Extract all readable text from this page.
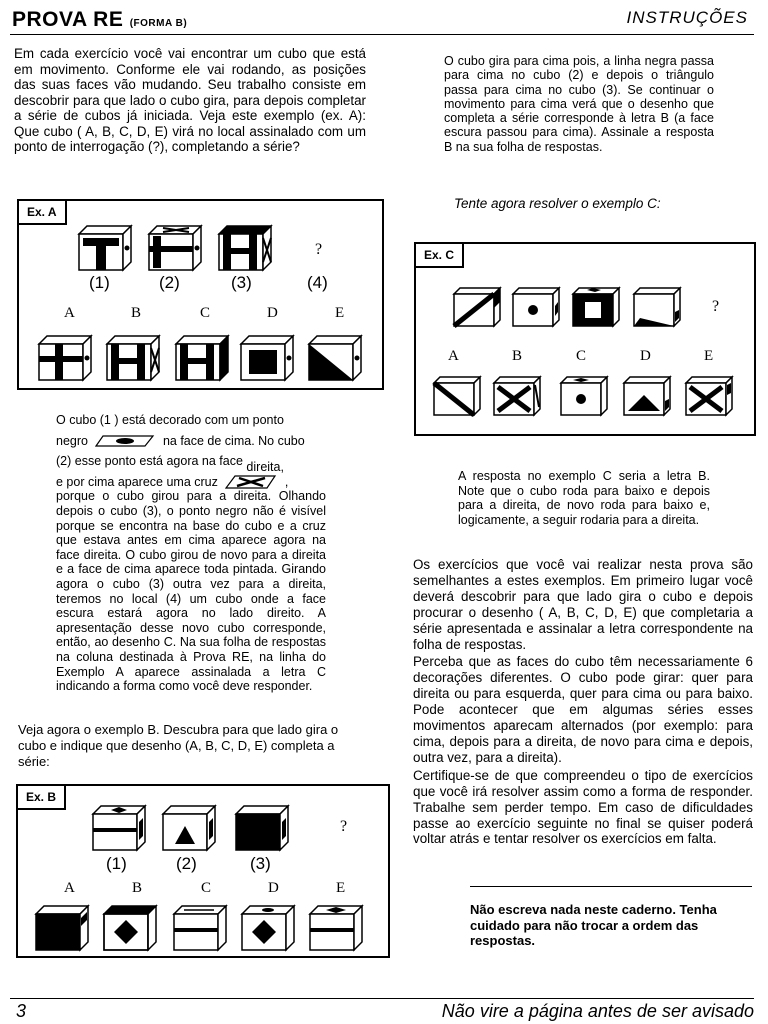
PROVA RE (FORMA B)	INSTRUÇÕES
Em cada exercício você vai encontrar um cubo que está em movimento. Conforme ele vai rodando, as posições das suas faces vão mudando. Seu trabalho consiste em descobrir para que lado o cubo gira, para depois completar a série de cubos já iniciada. Veja este exemplo (ex. A): Que cubo ( A, B, C, D, E) virá no local assinalado com um ponto de interrogação (?), completando a série?
O cubo gira para cima pois, a linha negra passa para cima no cubo (2) e depois o triângulo passa para cima no cubo (3). Se continuar o movimento para cima verá que o desenho que completa a série corresponde à letra B (a face escura passou para cima). Assinale a resposta B na sua folha de respostas.
Ex. A
(1)	(2)	(3)	(4)
?
A	B	C	D	E
O cubo (1 ) está decorado com um ponto
negro	na face de cima. No cubo
(2) esse ponto está agora na face direita,
e por cima aparece uma cruz	,
porque o cubo girou para a direita. Olhando depois o cubo (3), o ponto negro não é visível porque se encontra na base do cubo e a cruz que estava antes em cima aparece agora na face direita. O cubo girou de novo para a direita e a face de cima aparece toda pintada. Girando agora o cubo (3) outra vez para a direita, teremos no local (4) um cubo onde a face escura estará agora no lado direito. A apresentação desse novo cubo corresponde, então, ao desenho C. Na sua folha de respostas na coluna destinada à Prova RE, na linha do Exemplo A aparece assinalada a letra C indicando a forma como você deve responder.
Veja agora o exemplo B. Descubra para que lado gira o cubo e indique que desenho (A, B, C, D, E) completa a série:
Ex. B
(1)	(2)	(3)
?
A	B	C	D	E
Tente agora resolver o exemplo C:
Ex. C
?
A	B	C	D	E
A resposta no exemplo C seria a letra B. Note que o cubo roda para baixo e depois para a direita, de novo roda para baixo e, logicamente, a seguir rodaria para a direita.
Os exercícios que você vai realizar nesta prova são semelhantes a estes exemplos. Em primeiro lugar você deverá descobrir para que lado gira o cubo e depois procurar o desenho ( A, B, C, D, E) que completaria a série apresentada e assinalar a letra correspondente na folha de respostas.
Perceba que as faces do cubo têm necessariamente 6 decorações diferentes. O cubo pode girar: quer para direita ou para esquerda, quer para cima ou para baixo. Pode acontecer que em algumas séries esses movimentos aparecam alternados (por exemplo: para cima, depois para a direita, de novo para cima e depois, outra vez, para a direita).
Certifique-se de que compreendeu o tipo de exercícios que você irá resolver assim como a forma de responder. Trabalhe sem perder tempo. Em caso de dificuldades passe ao exercício seguinte no final se quiser poderá voltar atrás e tentar resolver os exercícios em falta.
Não escreva nada neste caderno. Tenha cuidado para não trocar a ordem das respostas.
3	Não vire a página antes de ser avisado
